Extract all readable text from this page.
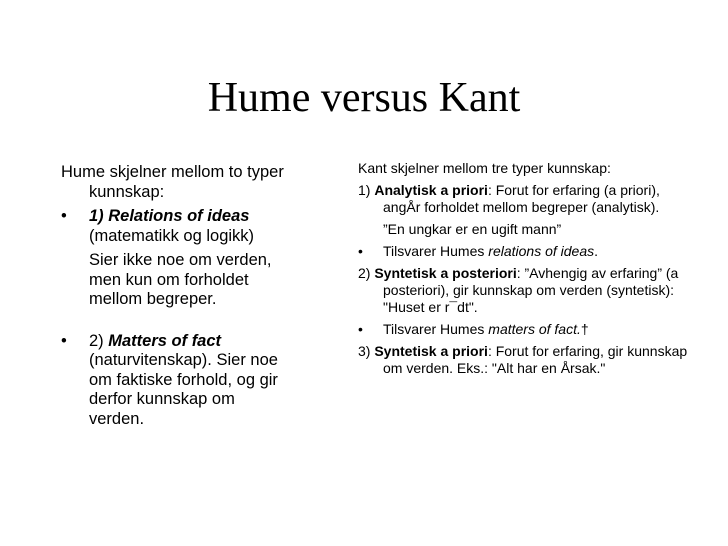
Hume versus Kant
Hume skjelner mellom to typer kunnskap:
• 1) Relations of ideas (matematikk og logikk)
Sier ikke noe om verden, men kun om forholdet mellom begreper.
• 2) Matters of fact (naturvitenskap). Sier noe om faktiske forhold, og gir derfor kunnskap om verden.
Kant skjelner mellom tre typer kunnskap:
1) Analytisk a priori: Forut for erfaring (a priori), angÅr forholdet mellom begreper (analytisk).
”En ungkar er en ugift mann”
• Tilsvarer Humes relations of ideas.
2) Syntetisk a posteriori: ”Avhengig av erfaring” (a posteriori), gir kunnskap om verden (syntetisk): "Huset er r¯dt".
• Tilsvarer Humes matters of fact.†
3) Syntetisk a priori: Forut for erfaring, gir kunnskap om verden. Eks.: "Alt har en Årsak."
